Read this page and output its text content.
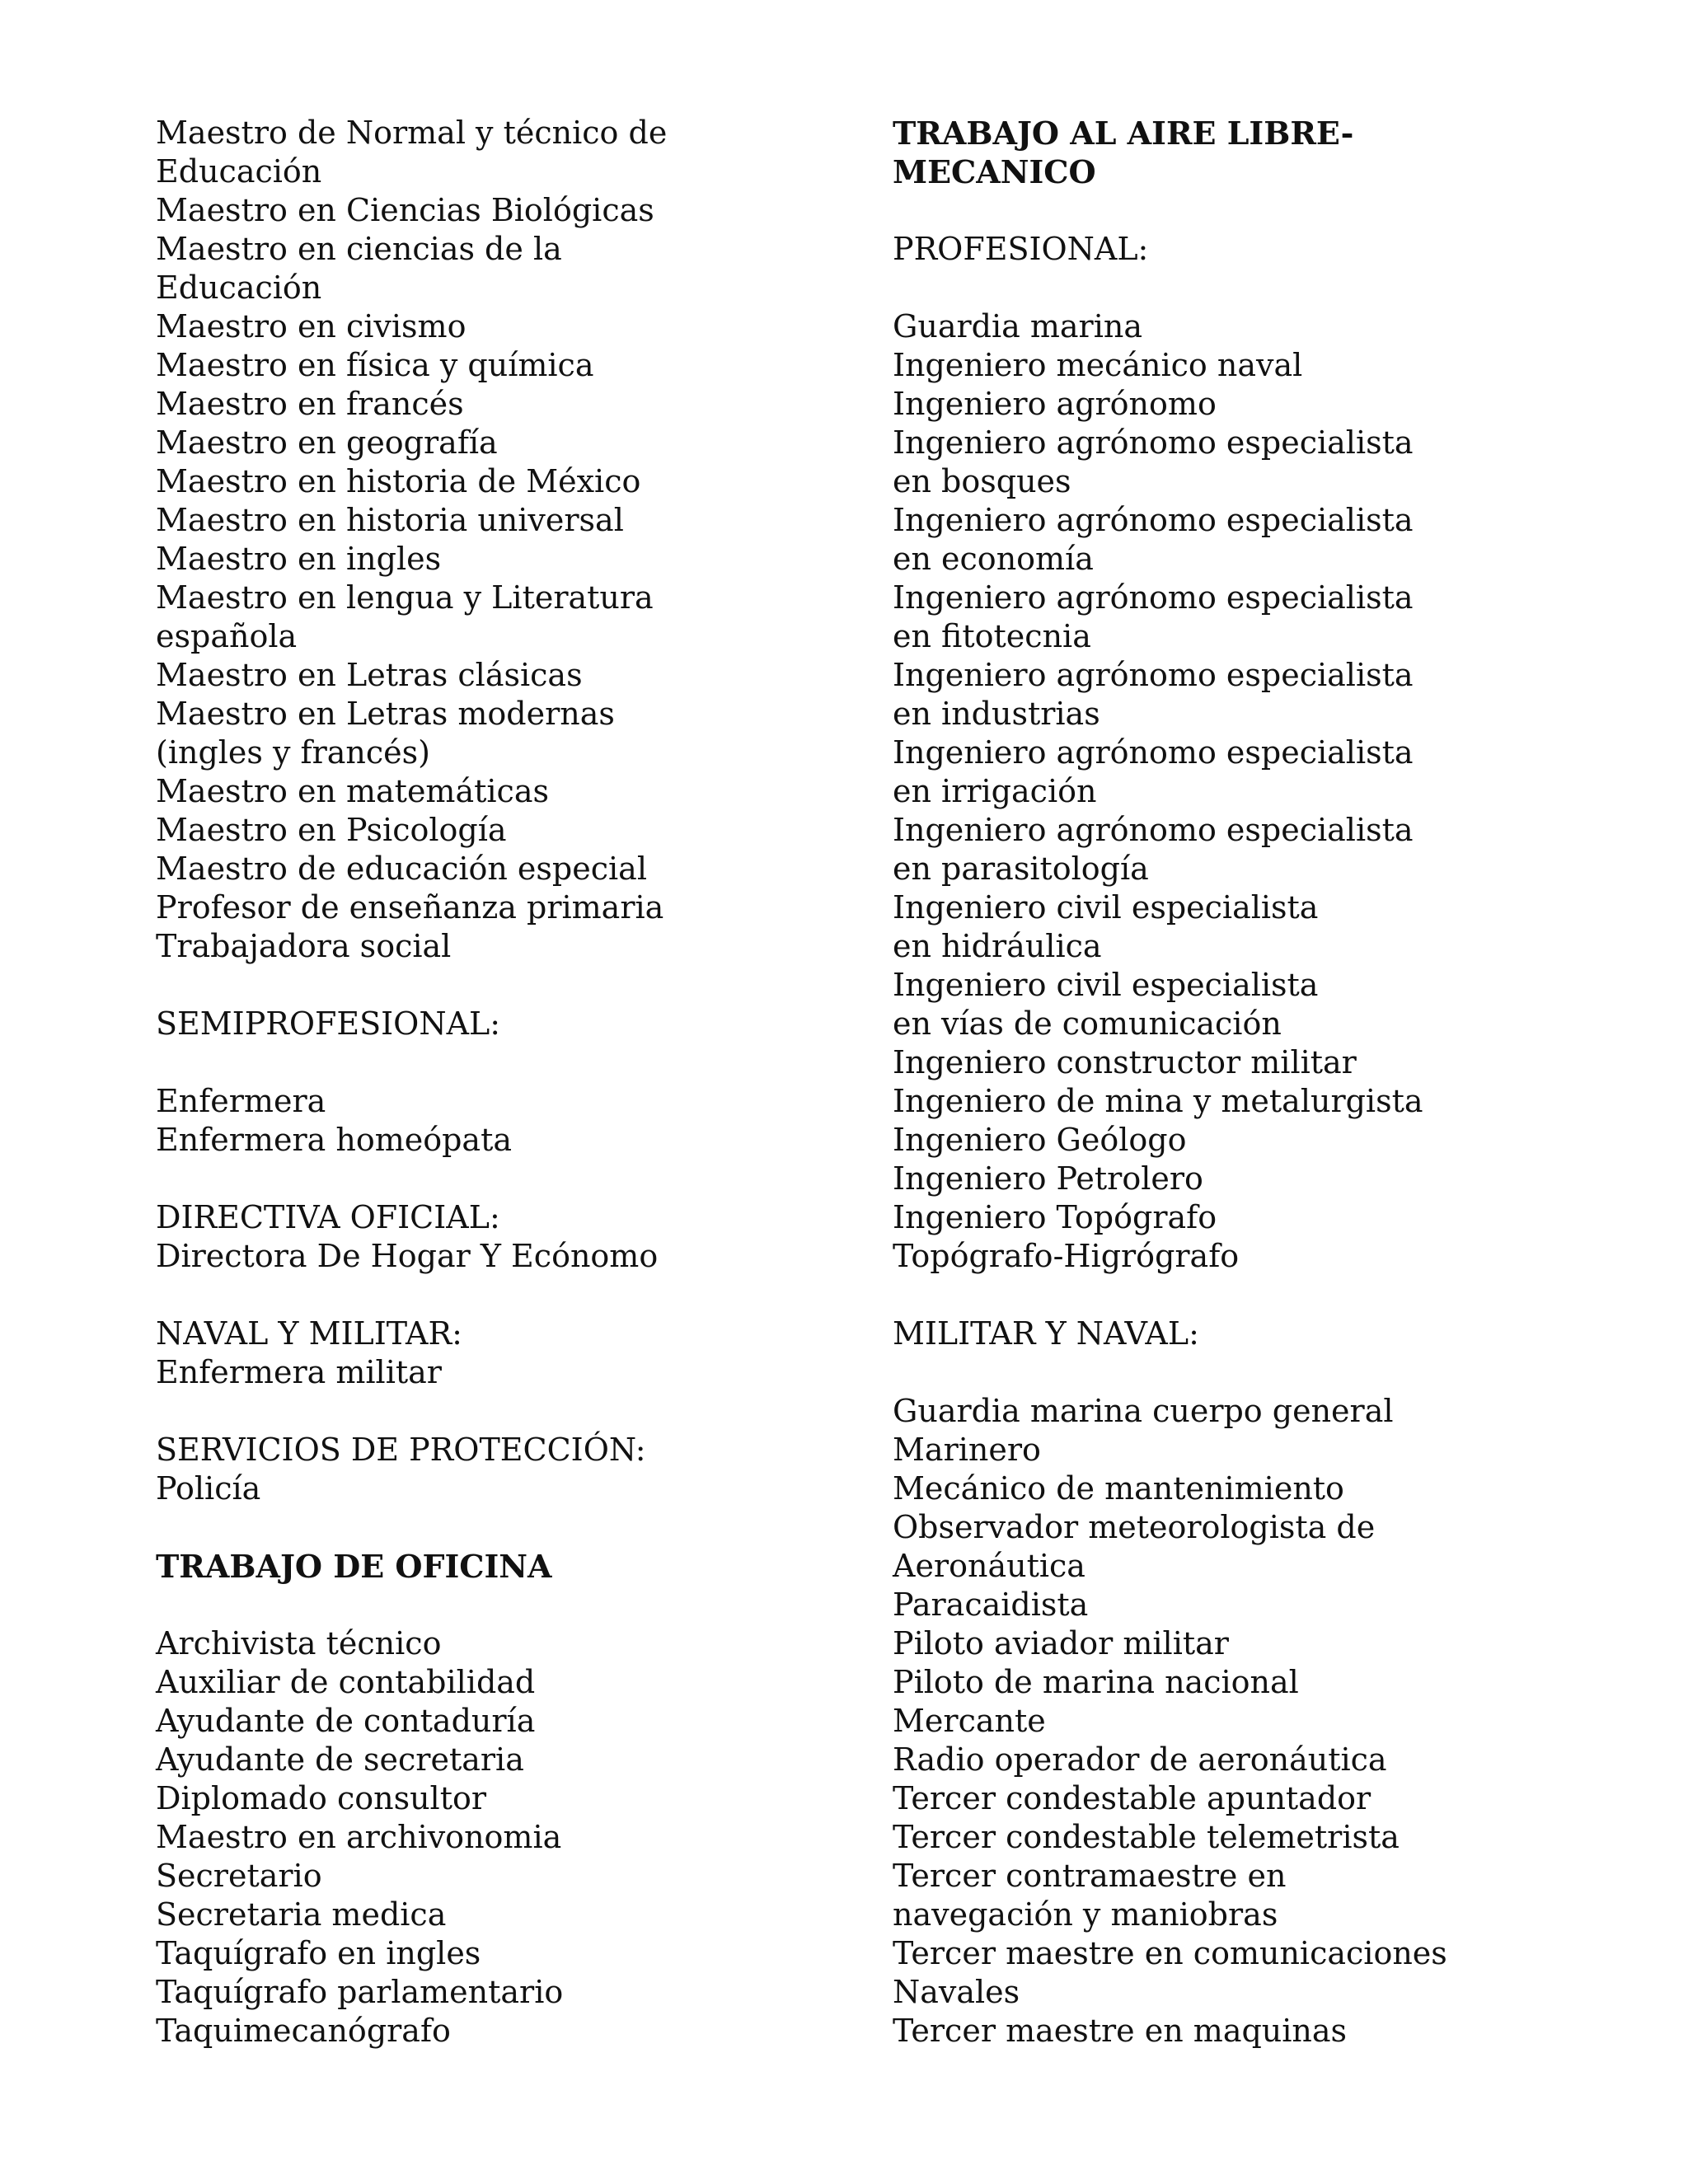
Maestro de Normal y técnico de
Educación
Maestro en Ciencias Biológicas
Maestro en ciencias de la
Educación
Maestro en civismo
Maestro en física y química
Maestro en francés
Maestro en geografía
Maestro en historia de México
Maestro en historia universal
Maestro en ingles
Maestro en lengua y Literatura
española
Maestro en Letras clásicas
Maestro en Letras modernas
(ingles y francés)
Maestro en matemáticas
Maestro en Psicología
Maestro de educación especial
Profesor de enseñanza primaria
Trabajadora social
SEMIPROFESIONAL:
Enfermera
Enfermera homeópata
DIRECTIVA OFICIAL:
Directora De Hogar Y Ecónomo
NAVAL Y MILITAR:
Enfermera militar
SERVICIOS DE PROTECCIÓN:
Policía
TRABAJO DE OFICINA
Archivista técnico
Auxiliar de contabilidad
Ayudante de contaduría
Ayudante de secretaria
Diplomado consultor
Maestro en archivonomia
Secretario
Secretaria medica
Taquígrafo en ingles
Taquígrafo parlamentario
Taquimecanógrafo
TRABAJO AL AIRE LIBRE-
MECANICO
PROFESIONAL:
Guardia marina
Ingeniero mecánico naval
Ingeniero agrónomo
Ingeniero agrónomo especialista
en bosques
Ingeniero agrónomo especialista
en economía
Ingeniero agrónomo especialista
en fitotecnia
Ingeniero agrónomo especialista
en industrias
Ingeniero agrónomo especialista
en irrigación
Ingeniero agrónomo especialista
en parasitología
Ingeniero civil especialista
en hidráulica
Ingeniero civil especialista
en vías de comunicación
Ingeniero constructor militar
Ingeniero de mina y metalurgista
Ingeniero Geólogo
Ingeniero Petrolero
Ingeniero Topógrafo
Topógrafo-Higrógrafo
MILITAR Y NAVAL:
Guardia marina cuerpo general
Marinero
Mecánico de mantenimiento
Observador meteorologista de
Aeronáutica
Paracaidista
Piloto aviador militar
Piloto de marina nacional
Mercante
Radio operador de aeronáutica
Tercer condestable apuntador
Tercer condestable telemetrista
Tercer contramaestre en
navegación y maniobras
Tercer maestre en comunicaciones
Navales
Tercer maestre en maquinas
